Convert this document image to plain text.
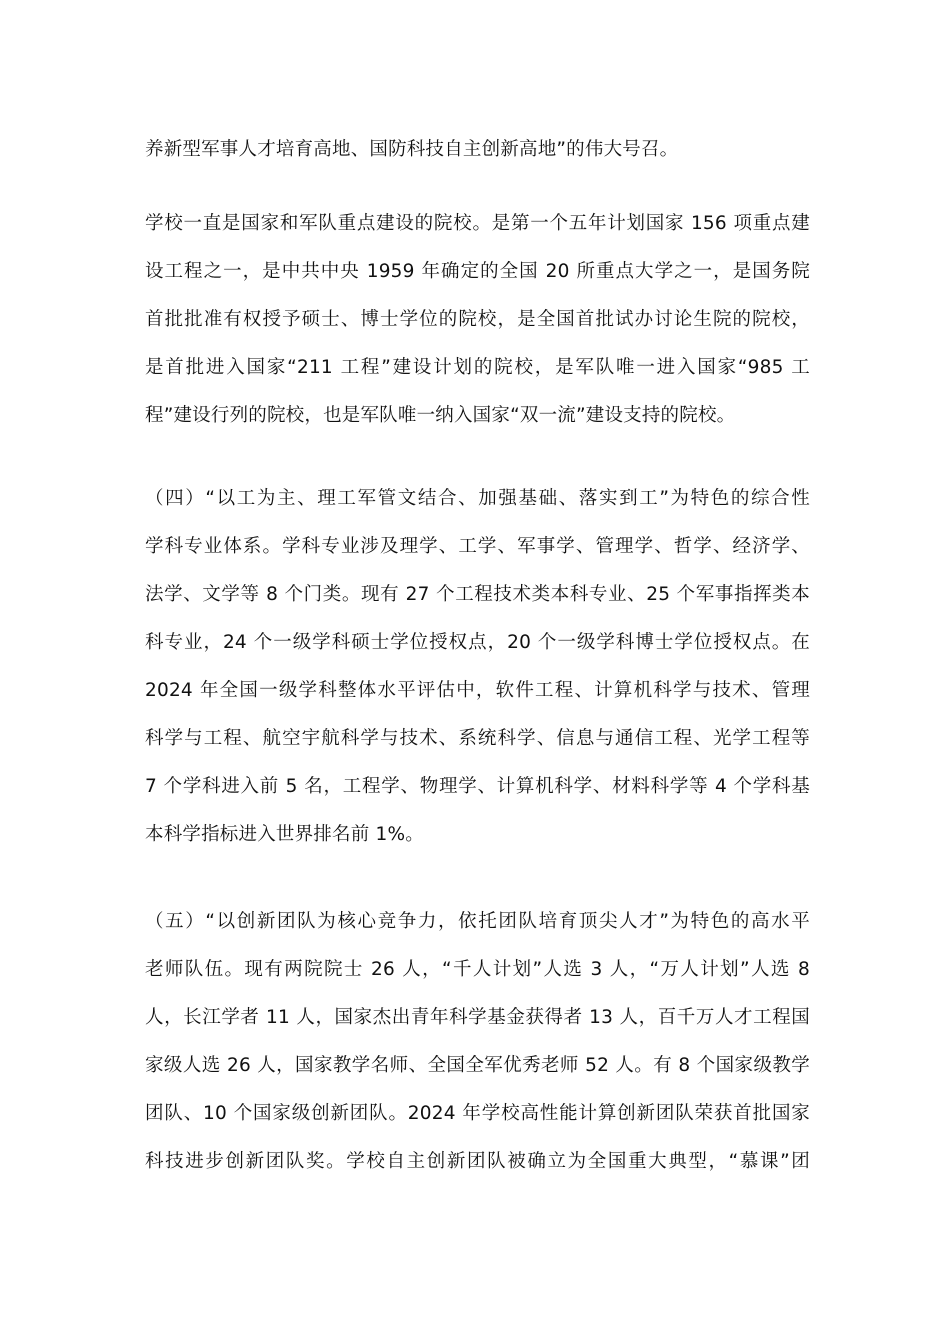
养新型军事人才培育高地、国防科技自主创新高地”的伟大号召。
学校一直是国家和军队重点建设的院校。是第一个五年计划国家 156 项重点建
设工程之一，是中共中央 1959 年确定的全国 20 所重点大学之一，是国务院
首批批准有权授予硕士、博士学位的院校，是全国首批试办讨论生院的院校，
是首批进入国家“211 工程”建设计划的院校，是军队唯一进入国家“985 工
程”建设行列的院校，也是军队唯一纳入国家“双一流”建设支持的院校。
（四）“以工为主、理工军管文结合、加强基础、落实到工”为特色的综合性
学科专业体系。学科专业涉及理学、工学、军事学、管理学、哲学、经济学、
法学、文学等 8 个门类。现有 27 个工程技术类本科专业、25 个军事指挥类本
科专业，24 个一级学科硕士学位授权点，20 个一级学科博士学位授权点。在
2024 年全国一级学科整体水平评估中，软件工程、计算机科学与技术、管理
科学与工程、航空宇航科学与技术、系统科学、信息与通信工程、光学工程等
7 个学科进入前 5 名，工程学、物理学、计算机科学、材料科学等 4 个学科基
本科学指标进入世界排名前 1%。
（五）“以创新团队为核心竞争力，依托团队培育顶尖人才”为特色的高水平
老师队伍。现有两院院士 26 人，“千人计划”人选 3 人，“万人计划”人选 8
人，长江学者 11 人，国家杰出青年科学基金获得者 13 人，百千万人才工程国
家级人选 26 人，国家教学名师、全国全军优秀老师 52 人。有 8 个国家级教学
团队、10 个国家级创新团队。2024 年学校高性能计算创新团队荣获首批国家
科技进步创新团队奖。学校自主创新团队被确立为全国重大典型，“慕课”团
